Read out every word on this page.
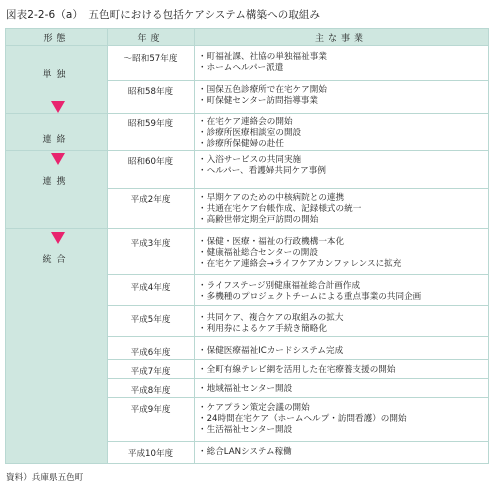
図表2-2-6（a）　五色町における包括ケアシステム構築への取組み
形態	年度	主な事業
単独
連絡
連携
統合
～昭和57年度
昭和58年度
昭和59年度
昭和60年度
平成2年度
平成3年度
平成4年度
平成5年度
平成6年度
平成7年度
平成8年度
平成9年度
平成10年度
・町福祉課、社協の単独福祉事業
・ホームヘルパー派遣
・国保五色診療所で在宅ケア開始
・町保健センター訪問指導事業
・在宅ケア連絡会の開始
・診療所医療相談室の開設
・診療所保健婦の赴任
・入浴サービスの共同実施
・ヘルパー、看護婦共同ケア事例
・早期ケアのための中核病院との連携
・共通在宅ケア台帳作成、記録様式の統一
・高齢世帯定期全戸訪問の開始
・保健・医療・福祉の行政機構一本化
・健康福祉総合センターの開設
・在宅ケア連絡会→ライフケアカンファレンスに拡充
・ライフステージ別健康福祉総合計画作成
・多機種のプロジェクトチームによる重点事業の共同企画
・共同ケア、複合ケアの取組みの拡大
・利用券によるケア手続き簡略化
・保健医療福祉ICカードシステム完成
・全町有線テレビ網を活用した在宅療養支援の開始
・地域福祉センター開設
・ケアプラン策定会議の開始
・24時間在宅ケア（ホームヘルプ・訪問看護）の開始
・生活福祉センター開設
・総合LANシステム稼働
資料）兵庫県五色町
